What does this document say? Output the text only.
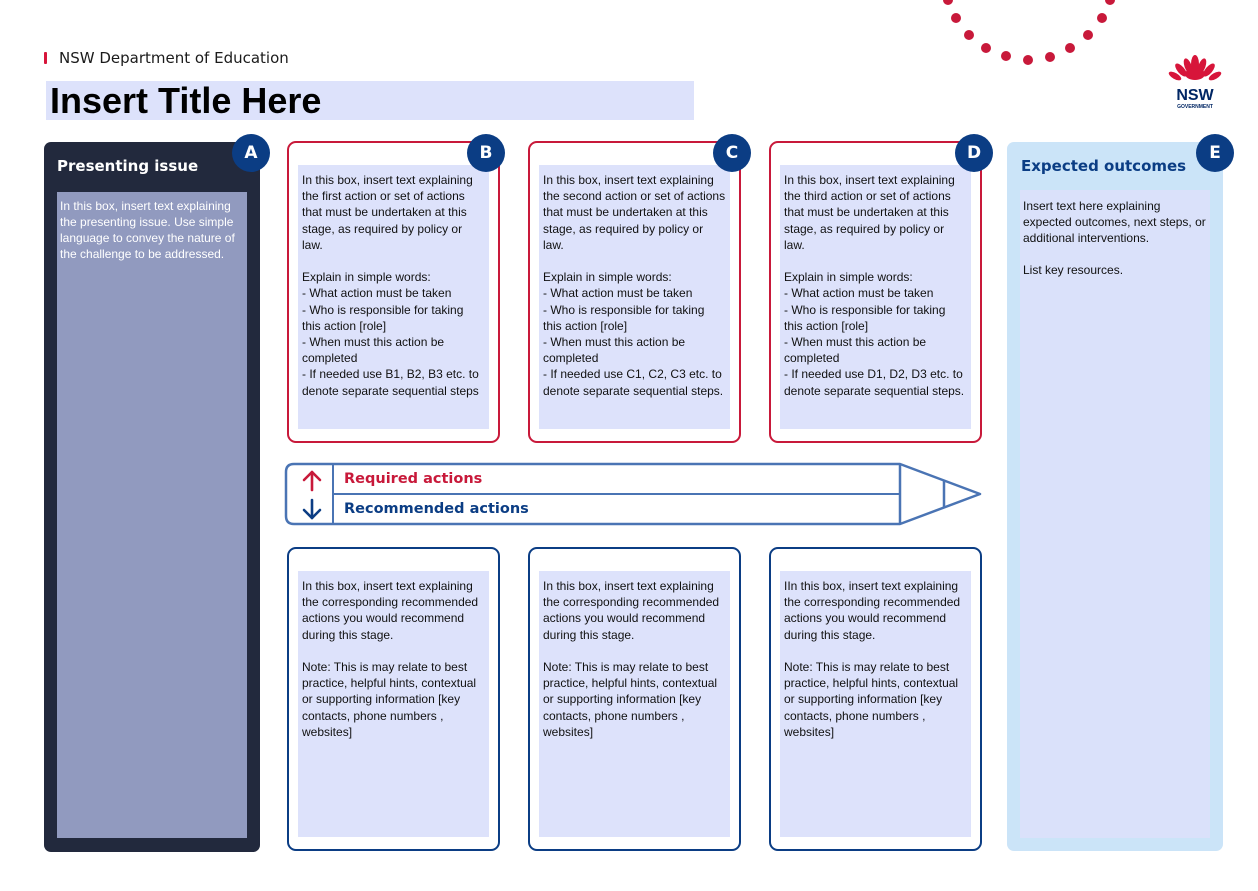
NSW Department of Education
Insert Title Here	NSW
GOVERNMENT
Presenting issue

In this box, insert text explaining the presenting issue. Use simple language to convey the nature of the challenge to be addressed.

A

In this box, insert text explaining the first action or set of actions that must be undertaken at this stage, as required by policy or law.

Explain in simple words:
- What action must be taken
- Who is responsible for taking this action [role]
- When must this action be completed
- If needed use B1, B2, B3 etc. to denote separate sequential steps

B

In this box, insert text explaining the second action or set of actions that must be undertaken at this stage, as required by policy or law.

Explain in simple words:
- What action must be taken
- Who is responsible for taking this action [role]
- When must this action be completed
- If needed use C1, C2, C3 etc. to denote separate sequential steps.

C

In this box, insert text explaining the third action or set of actions that must be undertaken at this stage, as required by policy or law.

Explain in simple words:
- What action must be taken
- Who is responsible for taking this action [role]
- When must this action be completed
- If needed use D1, D2, D3 etc. to denote separate sequential steps.

D
Required actions
Recommended actions

In this box, insert text explaining the corresponding recommended actions you would recommend during this stage.

Note: This is may relate to best practice, helpful hints, contextual or supporting information [key contacts, phone numbers , websites]

In this box, insert text explaining the corresponding recommended actions you would recommend during this stage.

Note: This is may relate to best practice, helpful hints, contextual or supporting information [key contacts, phone numbers , websites]

IIn this box, insert text explaining the corresponding recommended actions you would recommend during this stage.

Note: This is may relate to best practice, helpful hints, contextual or supporting information [key contacts, phone numbers , websites]

Expected outcomes

Insert text here explaining expected outcomes, next steps, or additional interventions.

List key resources.

E
